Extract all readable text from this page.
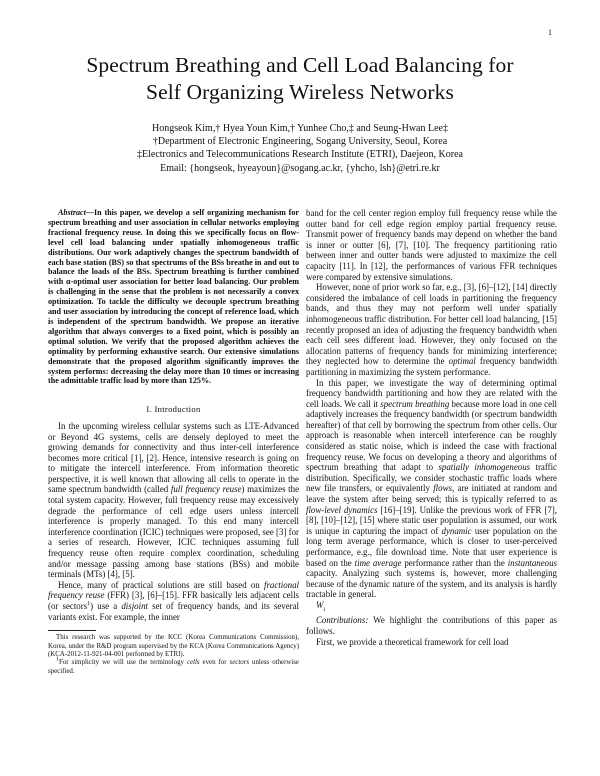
1
Spectrum Breathing and Cell Load Balancing for
Self Organizing Wireless Networks
Hongseok Kim,† Hyea Youn Kim,† Yunhee Cho,‡ and Seung-Hwan Lee‡
†Department of Electronic Engineering, Sogang University, Seoul, Korea
‡Electronics and Telecommunications Research Institute (ETRI), Daejeon, Korea
Email: {hongseok, hyeayoun}@sogang.ac.kr, {yhcho, lsh}@etri.re.kr

Abstract—In this paper, we develop a self organizing mechanism for spectrum breathing and user association in cellular networks employing fractional frequency reuse. In doing this we specifically focus on flow-level cell load balancing under spatially inhomogeneous traffic distributions. Our work adaptively changes the spectrum bandwidth of each base station (BS) so that spectrums of the BSs breathe in and out to balance the loads of the BSs. Spectrum breathing is further combined with α-optimal user association for better load balancing. Our problem is challenging in the sense that the problem is not necessarily a convex optimization. To tackle the difficulty we decouple spectrum breathing and user association by introducing the concept of reference load, which is independent of the spectrum bandwidth. We propose an iterative algorithm that always converges to a fixed point, which is possibly an optimal solution. We verify that the proposed algorithm achieves the optimality by performing exhaustive search. Our extensive simulations demonstrate that the proposed algorithm significantly improves the system performs: decreasing the delay more than 10 times or increasing the admittable traffic load by more than 125%.

I. Introduction

In the upcoming wireless cellular systems such as LTE-Advanced or Beyond 4G systems, cells are densely deployed to meet the growing demands for connectivity and thus inter-cell interference becomes more critical [1], [2]. Hence, intensive research is going on to mitigate the intercell interference. From information theoretic perspective, it is well known that allowing all cells to operate in the same spectrum bandwidth (called full frequency reuse) maximizes the total system capacity. However, full frequency reuse may excessively degrade the performance of cell edge users unless intercell interference is properly managed. To this end many intercell interference coordination (ICIC) techniques were proposed, see [3] for a series of research. However, ICIC techniques assuming full frequency reuse often require complex coordination, scheduling and/or message passing among base stations (BSs) and mobile terminals (MTs) [4], [5].

Hence, many of practical solutions are still based on fractional frequency reuse (FFR) [3], [6]–[15]. FFR basically lets adjacent cells (or sectors$^1$) use a disjoint set of frequency bands, and its several variants exist. For example, the inner

This research was supported by the KCC (Korea Communications Commission), Korea, under the R&D program supervised by the KCA (Korea Communications Agency) (KCA-2012-11-921-04-001 performed by ETRI).

$^1$For simplicity we will use the terminology cells even for sectors unless otherwise specified.

band for the cell center region employ full frequency reuse while the outter band for cell edge region employ partial frequency reuse. Transmit power of frequency bands may depend on whether the band is inner or outter [6], [7], [10]. The frequency partitioning ratio between inner and outter bands were adjusted to maximize the cell capacity [11]. In [12], the performances of various FFR techniques were compared by extensive simulations.

However, none of prior work so far, e.g., [3], [6]–[12], [14] directly considered the imbalance of cell loads in partitioning the frequency bands, and thus they may not perform well under spatially inhomogeneous traffic distribution. For better cell load balancing, [15] recently proposed an idea of adjusting the frequency bandwidth when each cell sees different load. However, they only focused on the allocation patterns of frequency bands for minimizing interference; they neglected how to determine the optimal frequency bandwidth partitioning in maximizing the system performance.

In this paper, we investigate the way of determining optimal frequency bandwidth partitioning and how they are related with the cell loads. We call it spectrum breathing because more load in one cell adaptively increases the frequency bandwidth (or spectrum bandwidth hereafter) of that cell by borrowing the spectrum from other cells. Our approach is reasonable when intercell interference can be roughly considered as static noise, which is indeed the case with fractional frequency reuse. We focus on developing a theory and algorithms of spectrum breathing that adapt to spatially inhomogeneous traffic distribution. Specifically, we consider stochastic traffic loads where new file transfers, or equivalently flows, are initiated at random and leave the system after being served; this is typically referred to as flow-level dynamics [16]–[19]. Unlike the previous work of FFR [7], [8], [10]–[12], [15] where static user population is assumed, our work is unique in capturing the impact of dynamic user population on the long term average performance, which is closer to user-perceived performance, e.g., file download time. Note that user experience is based on the time average performance rather than the instantaneous capacity. Analyzing such systems is, however, more challenging because of the dynamic nature of the system, and its analysis is hardly tractable in general.

$W_i$

Contributions: We highlight the contributions of this paper as follows.

First, we provide a theoretical framework for cell load
